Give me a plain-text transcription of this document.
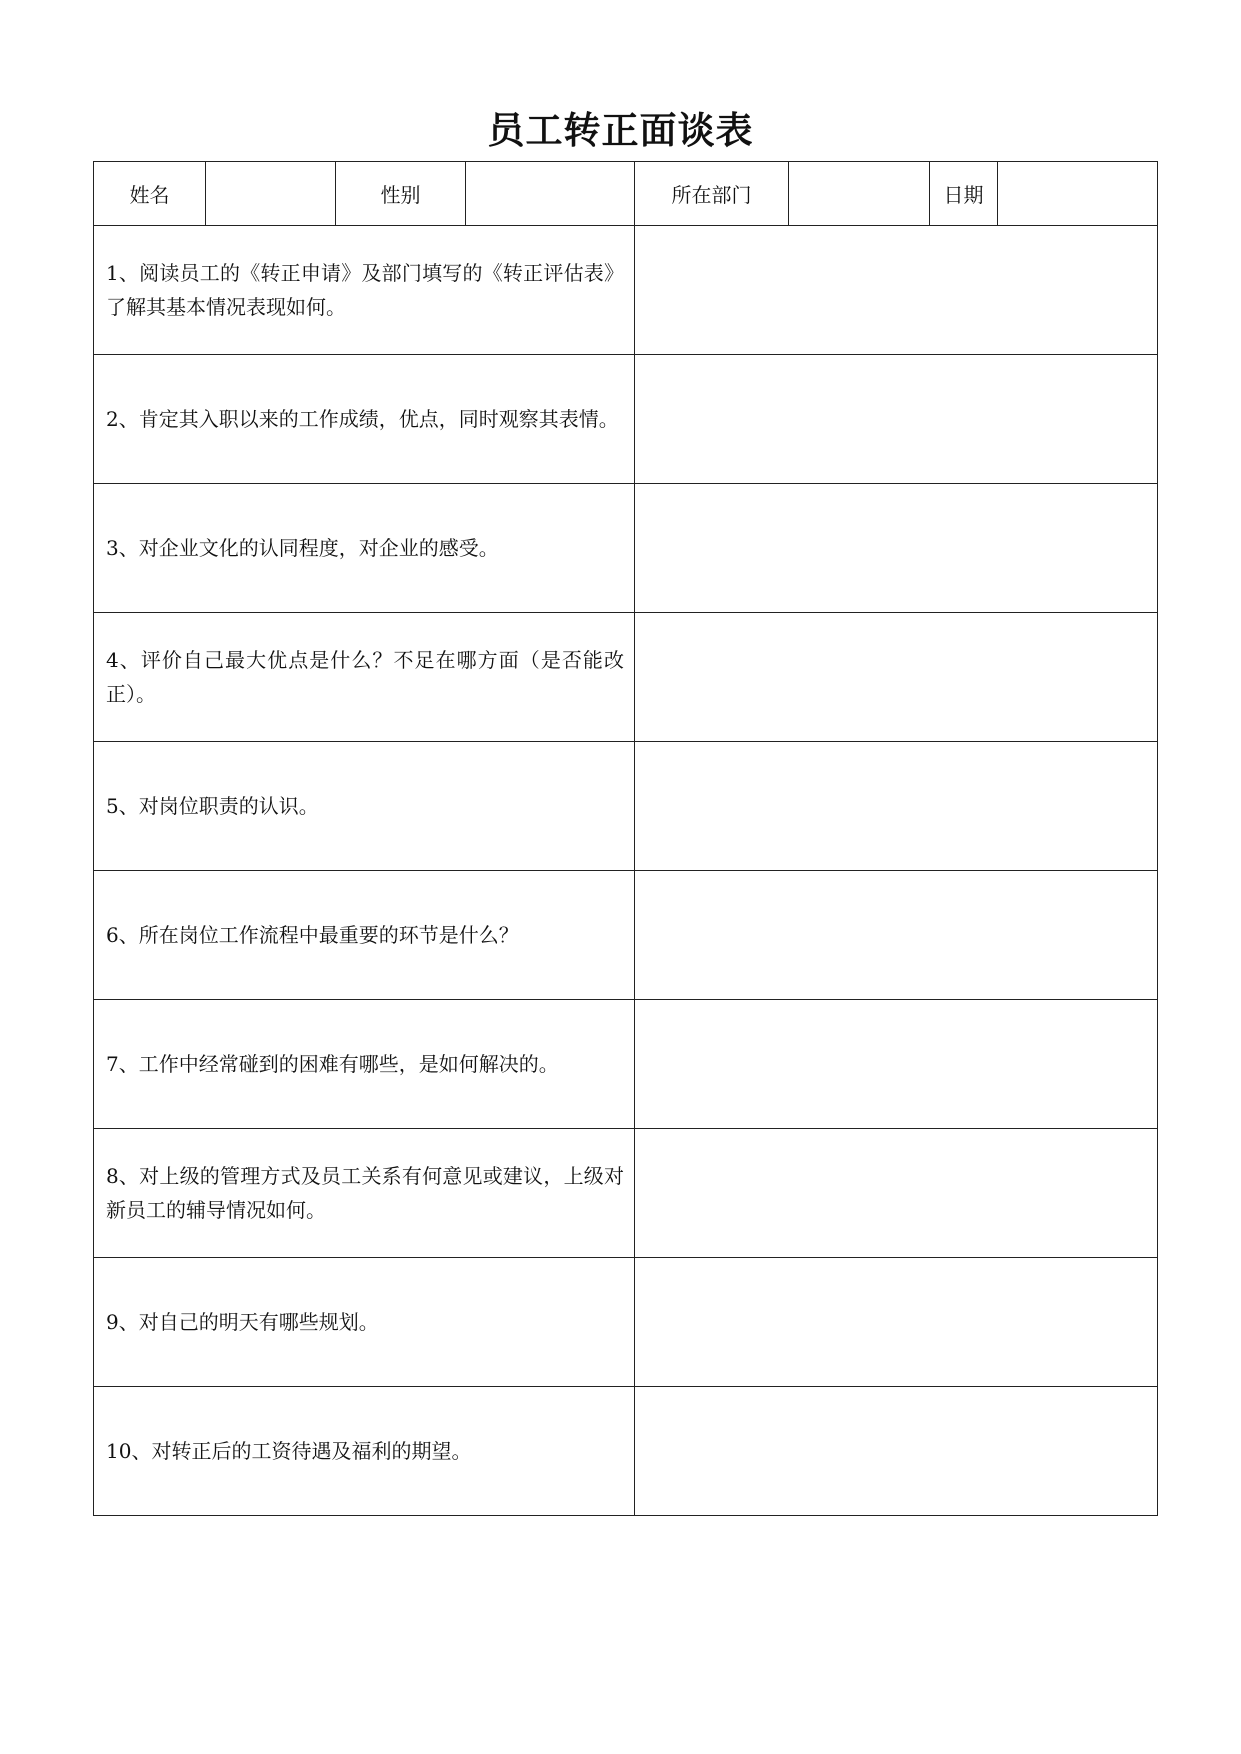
员工转正面谈表
姓名		性别		所在部门		日期	
1、阅读员工的《转正申请》及部门填写的《转正评估表》了解其基本情况表现如何。							
2、肯定其入职以来的工作成绩，优点，同时观察其表情。							
3、对企业文化的认同程度，对企业的感受。							
4、评价自己最大优点是什么？不足在哪方面（是否能改正）。							
5、对岗位职责的认识。							
6、所在岗位工作流程中最重要的环节是什么？							
7、工作中经常碰到的困难有哪些，是如何解决的。							
8、对上级的管理方式及员工关系有何意见或建议，上级对新员工的辅导情况如何。							
9、对自己的明天有哪些规划。							
10、对转正后的工资待遇及福利的期望。							
